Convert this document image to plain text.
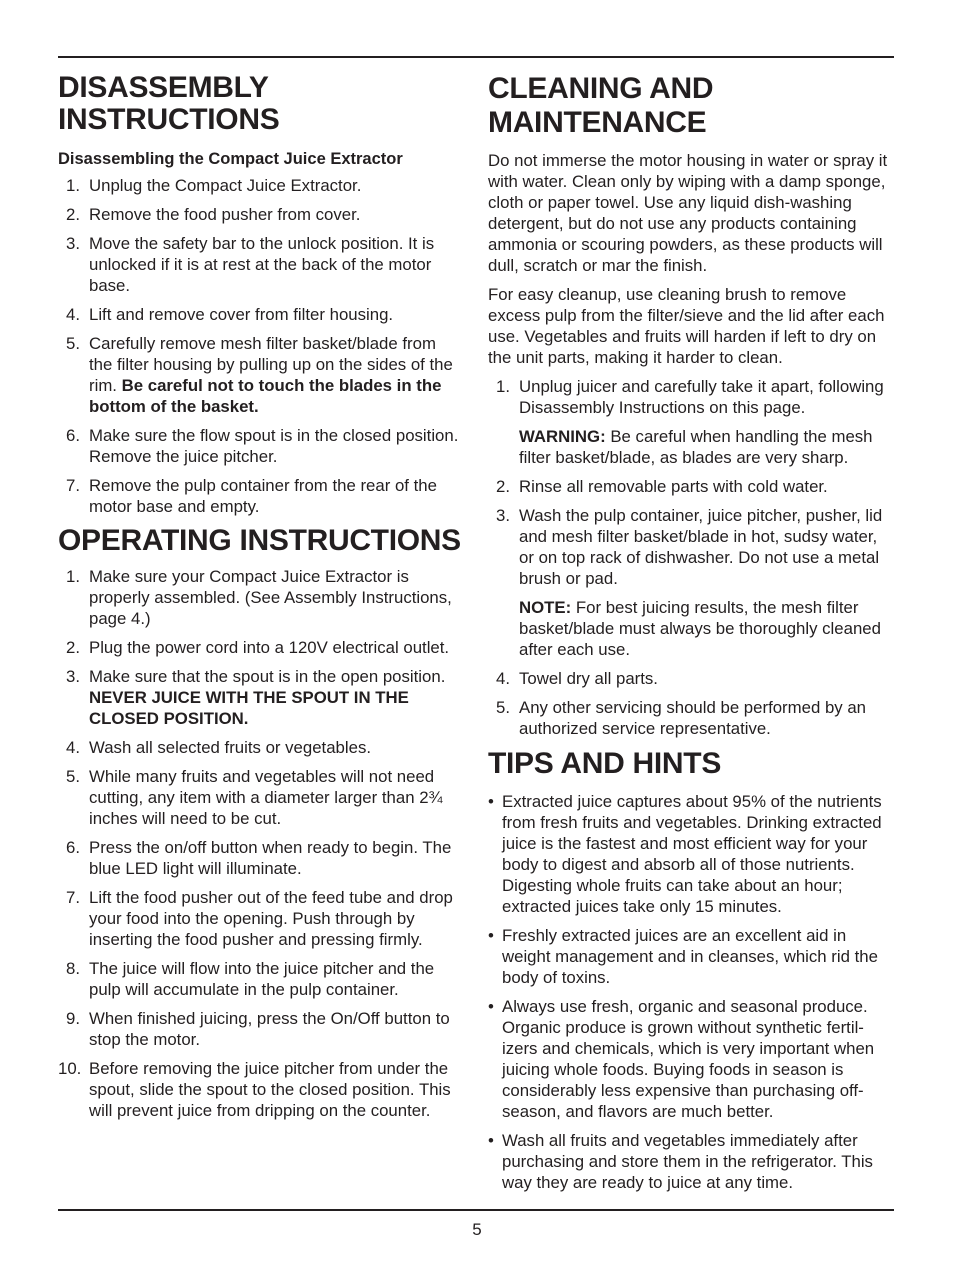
DISASSEMBLY INSTRUCTIONS
Disassembling the Compact Juice Extractor
1. Unplug the Compact Juice Extractor.
2. Remove the food pusher from cover.
3. Move the safety bar to the unlock position. It is unlocked if it is at rest at the back of the motor base.
4. Lift and remove cover from filter housing.
5. Carefully remove mesh filter basket/blade from the filter housing by pulling up on the sides of the rim. Be careful not to touch the blades in the bottom of the basket.
6. Make sure the flow spout is in the closed position. Remove the juice pitcher.
7. Remove the pulp container from the rear of the motor base and empty.
OPERATING INSTRUCTIONS
1. Make sure your Compact Juice Extractor is properly assembled. (See Assembly Instructions, page 4.)
2. Plug the power cord into a 120V electrical outlet.
3. Make sure that the spout is in the open position. NEVER JUICE WITH THE SPOUT IN THE CLOSED POSITION.
4. Wash all selected fruits or vegetables.
5. While many fruits and vegetables will not need cutting, any item with a diameter larger than 2¾ inches will need to be cut.
6. Press the on/off button when ready to begin. The blue LED light will illuminate.
7. Lift the food pusher out of the feed tube and drop your food into the opening. Push through by inserting the food pusher and pressing firmly.
8. The juice will flow into the juice pitcher and the pulp will accumulate in the pulp container.
9. When finished juicing, press the On/Off button to stop the motor.
10. Before removing the juice pitcher from under the spout, slide the spout to the closed position. This will prevent juice from dripping on the counter.
CLEANING AND MAINTENANCE

Do not immerse the motor housing in water or spray it with water. Clean only by wiping with a damp sponge, cloth or paper towel. Use any liquid dish-washing detergent, but do not use any products containing ammonia or scouring powders, as these products will dull, scratch or mar the finish.

For easy cleanup, use cleaning brush to remove excess pulp from the filter/sieve and the lid after each use. Vegetables and fruits will harden if left to dry on the unit parts, making it harder to clean.

1. Unplug juicer and carefully take it apart, following Disassembly Instructions on this page.
WARNING: Be careful when handling the mesh filter basket/blade, as blades are very sharp.
2. Rinse all removable parts with cold water.
3. Wash the pulp container, juice pitcher, pusher, lid and mesh filter basket/blade in hot, sudsy water, or on top rack of dishwasher. Do not use a metal brush or pad.
NOTE: For best juicing results, the mesh filter basket/blade must always be thoroughly cleaned after each use.
4. Towel dry all parts.
5. Any other servicing should be performed by an authorized service representative.
TIPS AND HINTS
• Extracted juice captures about 95% of the nutrients from fresh fruits and vegetables. Drinking extracted juice is the fastest and most efficient way for your body to digest and absorb all of those nutrients. Digesting whole fruits can take about an hour; extracted juices take only 15 minutes.
• Freshly extracted juices are an excellent aid in weight management and in cleanses, which rid the body of toxins.
• Always use fresh, organic and seasonal produce. Organic produce is grown without synthetic fertil-izers and chemicals, which is very important when juicing whole foods. Buying foods in season is considerably less expensive than purchasing off-season, and flavors are much better.
• Wash all fruits and vegetables immediately after purchasing and store them in the refrigerator. This way they are ready to juice at any time.
5
